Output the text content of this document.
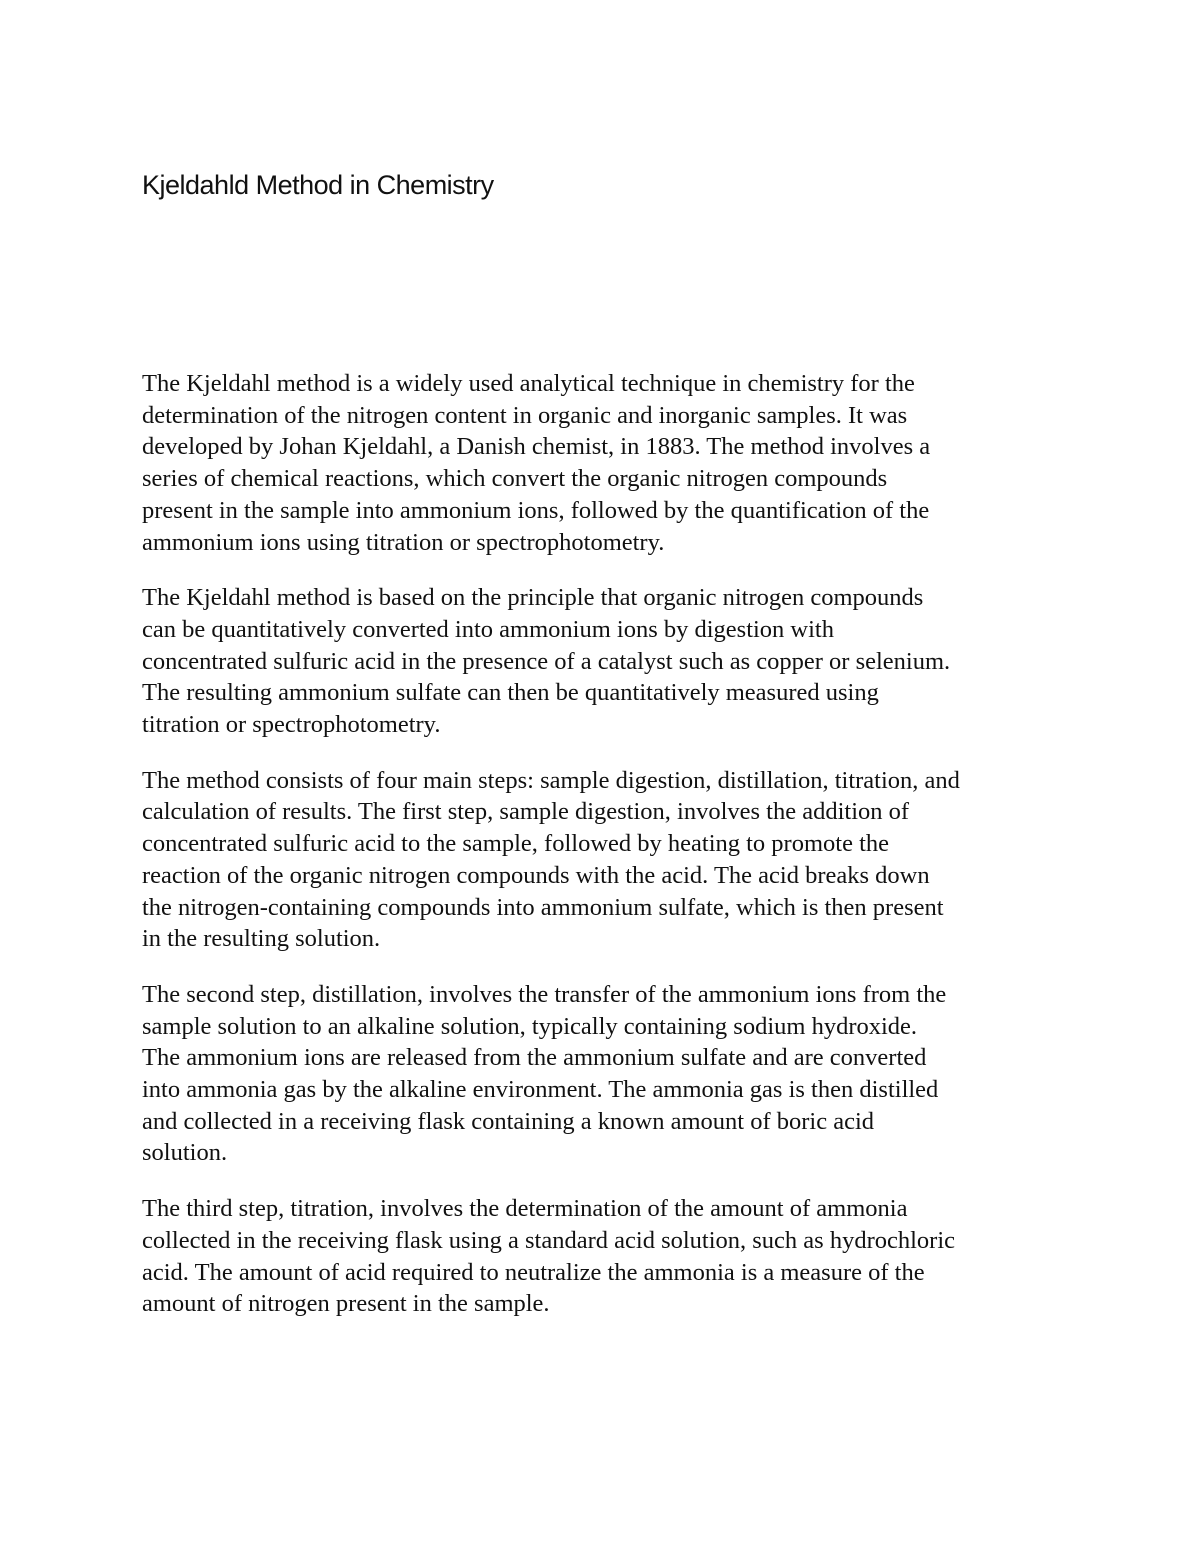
Kjeldahld Method in Chemistry

The Kjeldahl method is a widely used analytical technique in chemistry for the
determination of the nitrogen content in organic and inorganic samples. It was
developed by Johan Kjeldahl, a Danish chemist, in 1883. The method involves a
series of chemical reactions, which convert the organic nitrogen compounds
present in the sample into ammonium ions, followed by the quantification of the
ammonium ions using titration or spectrophotometry.

The Kjeldahl method is based on the principle that organic nitrogen compounds
can be quantitatively converted into ammonium ions by digestion with
concentrated sulfuric acid in the presence of a catalyst such as copper or selenium.
The resulting ammonium sulfate can then be quantitatively measured using
titration or spectrophotometry.

The method consists of four main steps: sample digestion, distillation, titration, and
calculation of results. The first step, sample digestion, involves the addition of
concentrated sulfuric acid to the sample, followed by heating to promote the
reaction of the organic nitrogen compounds with the acid. The acid breaks down
the nitrogen-containing compounds into ammonium sulfate, which is then present
in the resulting solution.

The second step, distillation, involves the transfer of the ammonium ions from the
sample solution to an alkaline solution, typically containing sodium hydroxide.
The ammonium ions are released from the ammonium sulfate and are converted
into ammonia gas by the alkaline environment. The ammonia gas is then distilled
and collected in a receiving flask containing a known amount of boric acid
solution.

The third step, titration, involves the determination of the amount of ammonia
collected in the receiving flask using a standard acid solution, such as hydrochloric
acid. The amount of acid required to neutralize the ammonia is a measure of the
amount of nitrogen present in the sample.
